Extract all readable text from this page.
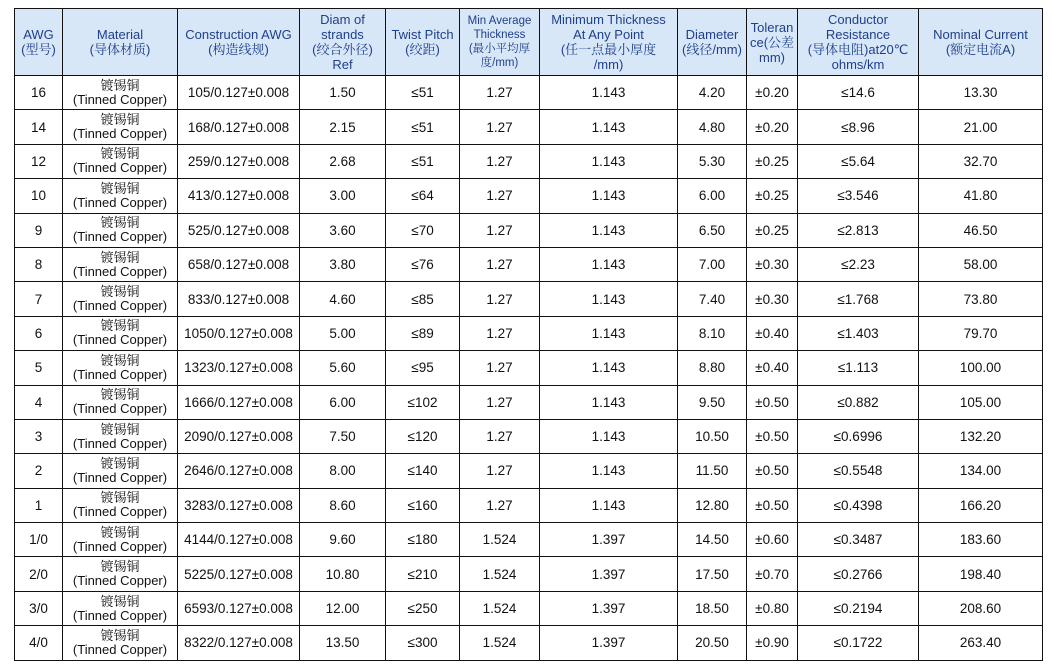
AWG
(型号)	Material
(导体材质)	Construction AWG
(构造线规)	Diam of
strands
(绞合外径)
Ref	Twist Pitch
(绞距)	Min Average
Thickness
(最小平均厚
度/mm)	Minimum Thickness
At Any Point
(任一点最小厚度
/mm)	Diameter
(线径/mm)	Toleran
ce(公差
mm)	Conductor
Resistance
(导体电阻)at20℃
ohms/km	Nominal Current
(额定电流A)
16	镀锡铜
(Tinned Copper)	105/0.127±0.008	1.50	≤51	1.27	1.143	4.20	±0.20	≤14.6	13.30
14	镀锡铜
(Tinned Copper)	168/0.127±0.008	2.15	≤51	1.27	1.143	4.80	±0.20	≤8.96	21.00
12	镀锡铜
(Tinned Copper)	259/0.127±0.008	2.68	≤51	1.27	1.143	5.30	±0.25	≤5.64	32.70
10	镀锡铜
(Tinned Copper)	413/0.127±0.008	3.00	≤64	1.27	1.143	6.00	±0.25	≤3.546	41.80
9	镀锡铜
(Tinned Copper)	525/0.127±0.008	3.60	≤70	1.27	1.143	6.50	±0.25	≤2.813	46.50
8	镀锡铜
(Tinned Copper)	658/0.127±0.008	3.80	≤76	1.27	1.143	7.00	±0.30	≤2.23	58.00
7	镀锡铜
(Tinned Copper)	833/0.127±0.008	4.60	≤85	1.27	1.143	7.40	±0.30	≤1.768	73.80
6	镀锡铜
(Tinned Copper)	1050/0.127±0.008	5.00	≤89	1.27	1.143	8.10	±0.40	≤1.403	79.70
5	镀锡铜
(Tinned Copper)	1323/0.127±0.008	5.60	≤95	1.27	1.143	8.80	±0.40	≤1.113	100.00
4	镀锡铜
(Tinned Copper)	1666/0.127±0.008	6.00	≤102	1.27	1.143	9.50	±0.50	≤0.882	105.00
3	镀锡铜
(Tinned Copper)	2090/0.127±0.008	7.50	≤120	1.27	1.143	10.50	±0.50	≤0.6996	132.20
2	镀锡铜
(Tinned Copper)	2646/0.127±0.008	8.00	≤140	1.27	1.143	11.50	±0.50	≤0.5548	134.00
1	镀锡铜
(Tinned Copper)	3283/0.127±0.008	8.60	≤160	1.27	1.143	12.80	±0.50	≤0.4398	166.20
1/0	镀锡铜
(Tinned Copper)	4144/0.127±0.008	9.60	≤180	1.524	1.397	14.50	±0.60	≤0.3487	183.60
2/0	镀锡铜
(Tinned Copper)	5225/0.127±0.008	10.80	≤210	1.524	1.397	17.50	±0.70	≤0.2766	198.40
3/0	镀锡铜
(Tinned Copper)	6593/0.127±0.008	12.00	≤250	1.524	1.397	18.50	±0.80	≤0.2194	208.60
4/0	镀锡铜
(Tinned Copper)	8322/0.127±0.008	13.50	≤300	1.524	1.397	20.50	±0.90	≤0.1722	263.40
